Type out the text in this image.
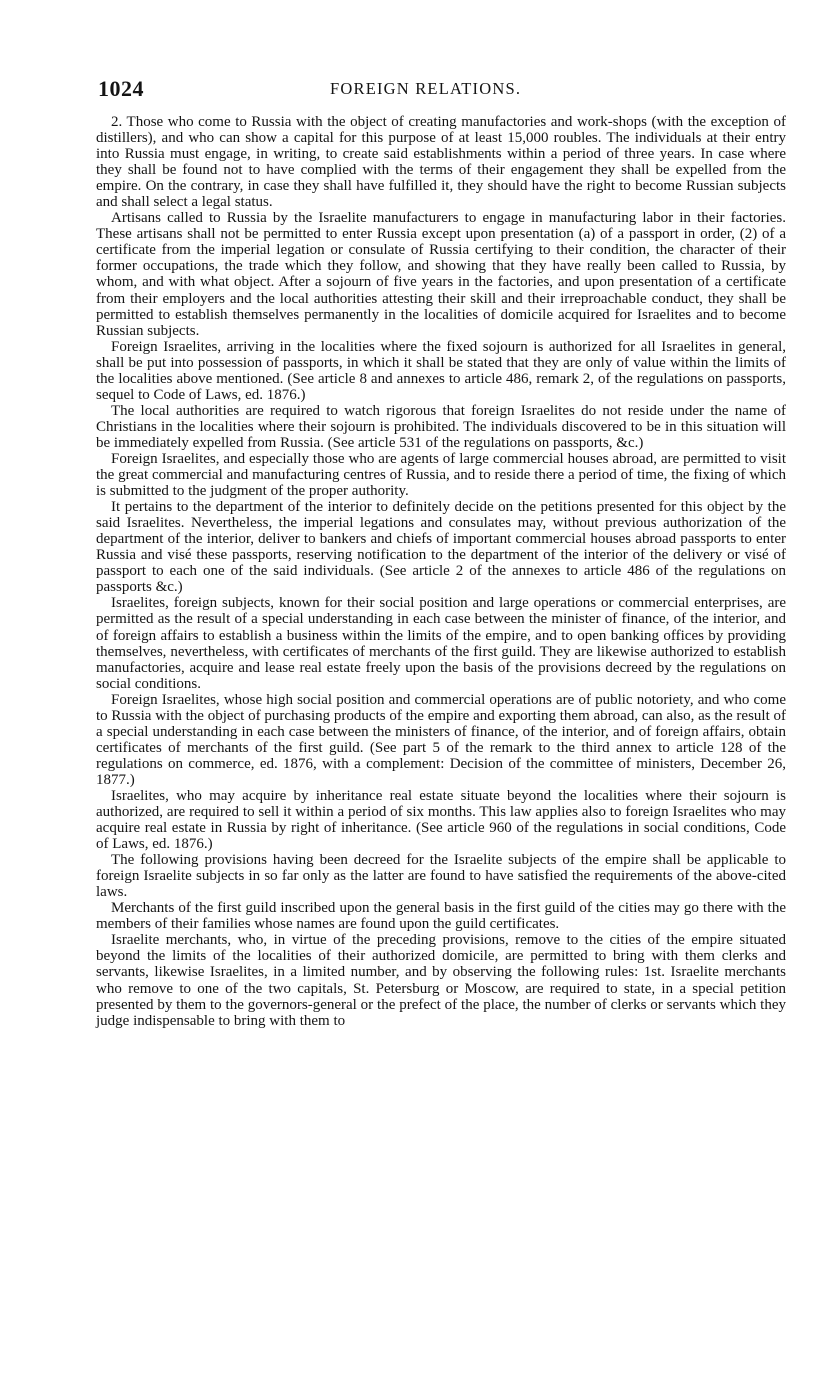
1024	FOREIGN RELATIONS.

2. Those who come to Russia with the object of creating manufactories and work-shops (with the exception of distillers), and who can show a capital for this purpose of at least 15,000 roubles. The individuals at their entry into Russia must engage, in writing, to create said establishments within a period of three years. In case where they shall be found not to have complied with the terms of their engagement they shall be expelled from the empire. On the contrary, in case they shall have fulfilled it, they should have the right to become Russian subjects and shall select a legal status.

Artisans called to Russia by the Israelite manufacturers to engage in manufacturing labor in their factories. These artisans shall not be permitted to enter Russia except upon presentation (a) of a passport in order, (2) of a certificate from the imperial legation or consulate of Russia certifying to their condition, the character of their former occupations, the trade which they follow, and showing that they have really been called to Russia, by whom, and with what object. After a sojourn of five years in the factories, and upon presentation of a certificate from their employers and the local authorities attesting their skill and their irreproachable conduct, they shall be permitted to establish themselves permanently in the localities of domicile acquired for Israelites and to become Russian subjects.

Foreign Israelites, arriving in the localities where the fixed sojourn is authorized for all Israelites in general, shall be put into possession of passports, in which it shall be stated that they are only of value within the limits of the localities above mentioned. (See article 8 and annexes to article 486, remark 2, of the regulations on passports, sequel to Code of Laws, ed. 1876.)

The local authorities are required to watch rigorous that foreign Israelites do not reside under the name of Christians in the localities where their sojourn is prohibited. The individuals discovered to be in this situation will be immediately expelled from Russia. (See article 531 of the regulations on passports, &c.)

Foreign Israelites, and especially those who are agents of large commercial houses abroad, are permitted to visit the great commercial and manufacturing centres of Russia, and to reside there a period of time, the fixing of which is submitted to the judgment of the proper authority.

It pertains to the department of the interior to definitely decide on the petitions presented for this object by the said Israelites. Nevertheless, the imperial legations and consulates may, without previous authorization of the department of the interior, deliver to bankers and chiefs of important commercial houses abroad passports to enter Russia and visé these passports, reserving notification to the department of the interior of the delivery or visé of passport to each one of the said individuals. (See article 2 of the annexes to article 486 of the regulations on passports &c.)

Israelites, foreign subjects, known for their social position and large operations or commercial enterprises, are permitted as the result of a special understanding in each case between the minister of finance, of the interior, and of foreign affairs to establish a business within the limits of the empire, and to open banking offices by providing themselves, nevertheless, with certificates of merchants of the first guild. They are likewise authorized to establish manufactories, acquire and lease real estate freely upon the basis of the provisions decreed by the regulations on social conditions.

Foreign Israelites, whose high social position and commercial operations are of public notoriety, and who come to Russia with the object of purchasing products of the empire and exporting them abroad, can also, as the result of a special understanding in each case between the ministers of finance, of the interior, and of foreign affairs, obtain certificates of merchants of the first guild. (See part 5 of the remark to the third annex to article 128 of the regulations on commerce, ed. 1876, with a complement: Decision of the committee of ministers, December 26, 1877.)

Israelites, who may acquire by inheritance real estate situate beyond the localities where their sojourn is authorized, are required to sell it within a period of six months. This law applies also to foreign Israelites who may acquire real estate in Russia by right of inheritance. (See article 960 of the regulations in social conditions, Code of Laws, ed. 1876.)

The following provisions having been decreed for the Israelite subjects of the empire shall be applicable to foreign Israelite subjects in so far only as the latter are found to have satisfied the requirements of the above-cited laws.

Merchants of the first guild inscribed upon the general basis in the first guild of the cities may go there with the members of their families whose names are found upon the guild certificates.

Israelite merchants, who, in virtue of the preceding provisions, remove to the cities of the empire situated beyond the limits of the localities of their authorized domicile, are permitted to bring with them clerks and servants, likewise Israelites, in a limited number, and by observing the following rules: 1st. Israelite merchants who remove to one of the two capitals, St. Petersburg or Moscow, are required to state, in a special petition presented by them to the governors-general or the prefect of the place, the number of clerks or servants which they judge indispensable to bring with them to
